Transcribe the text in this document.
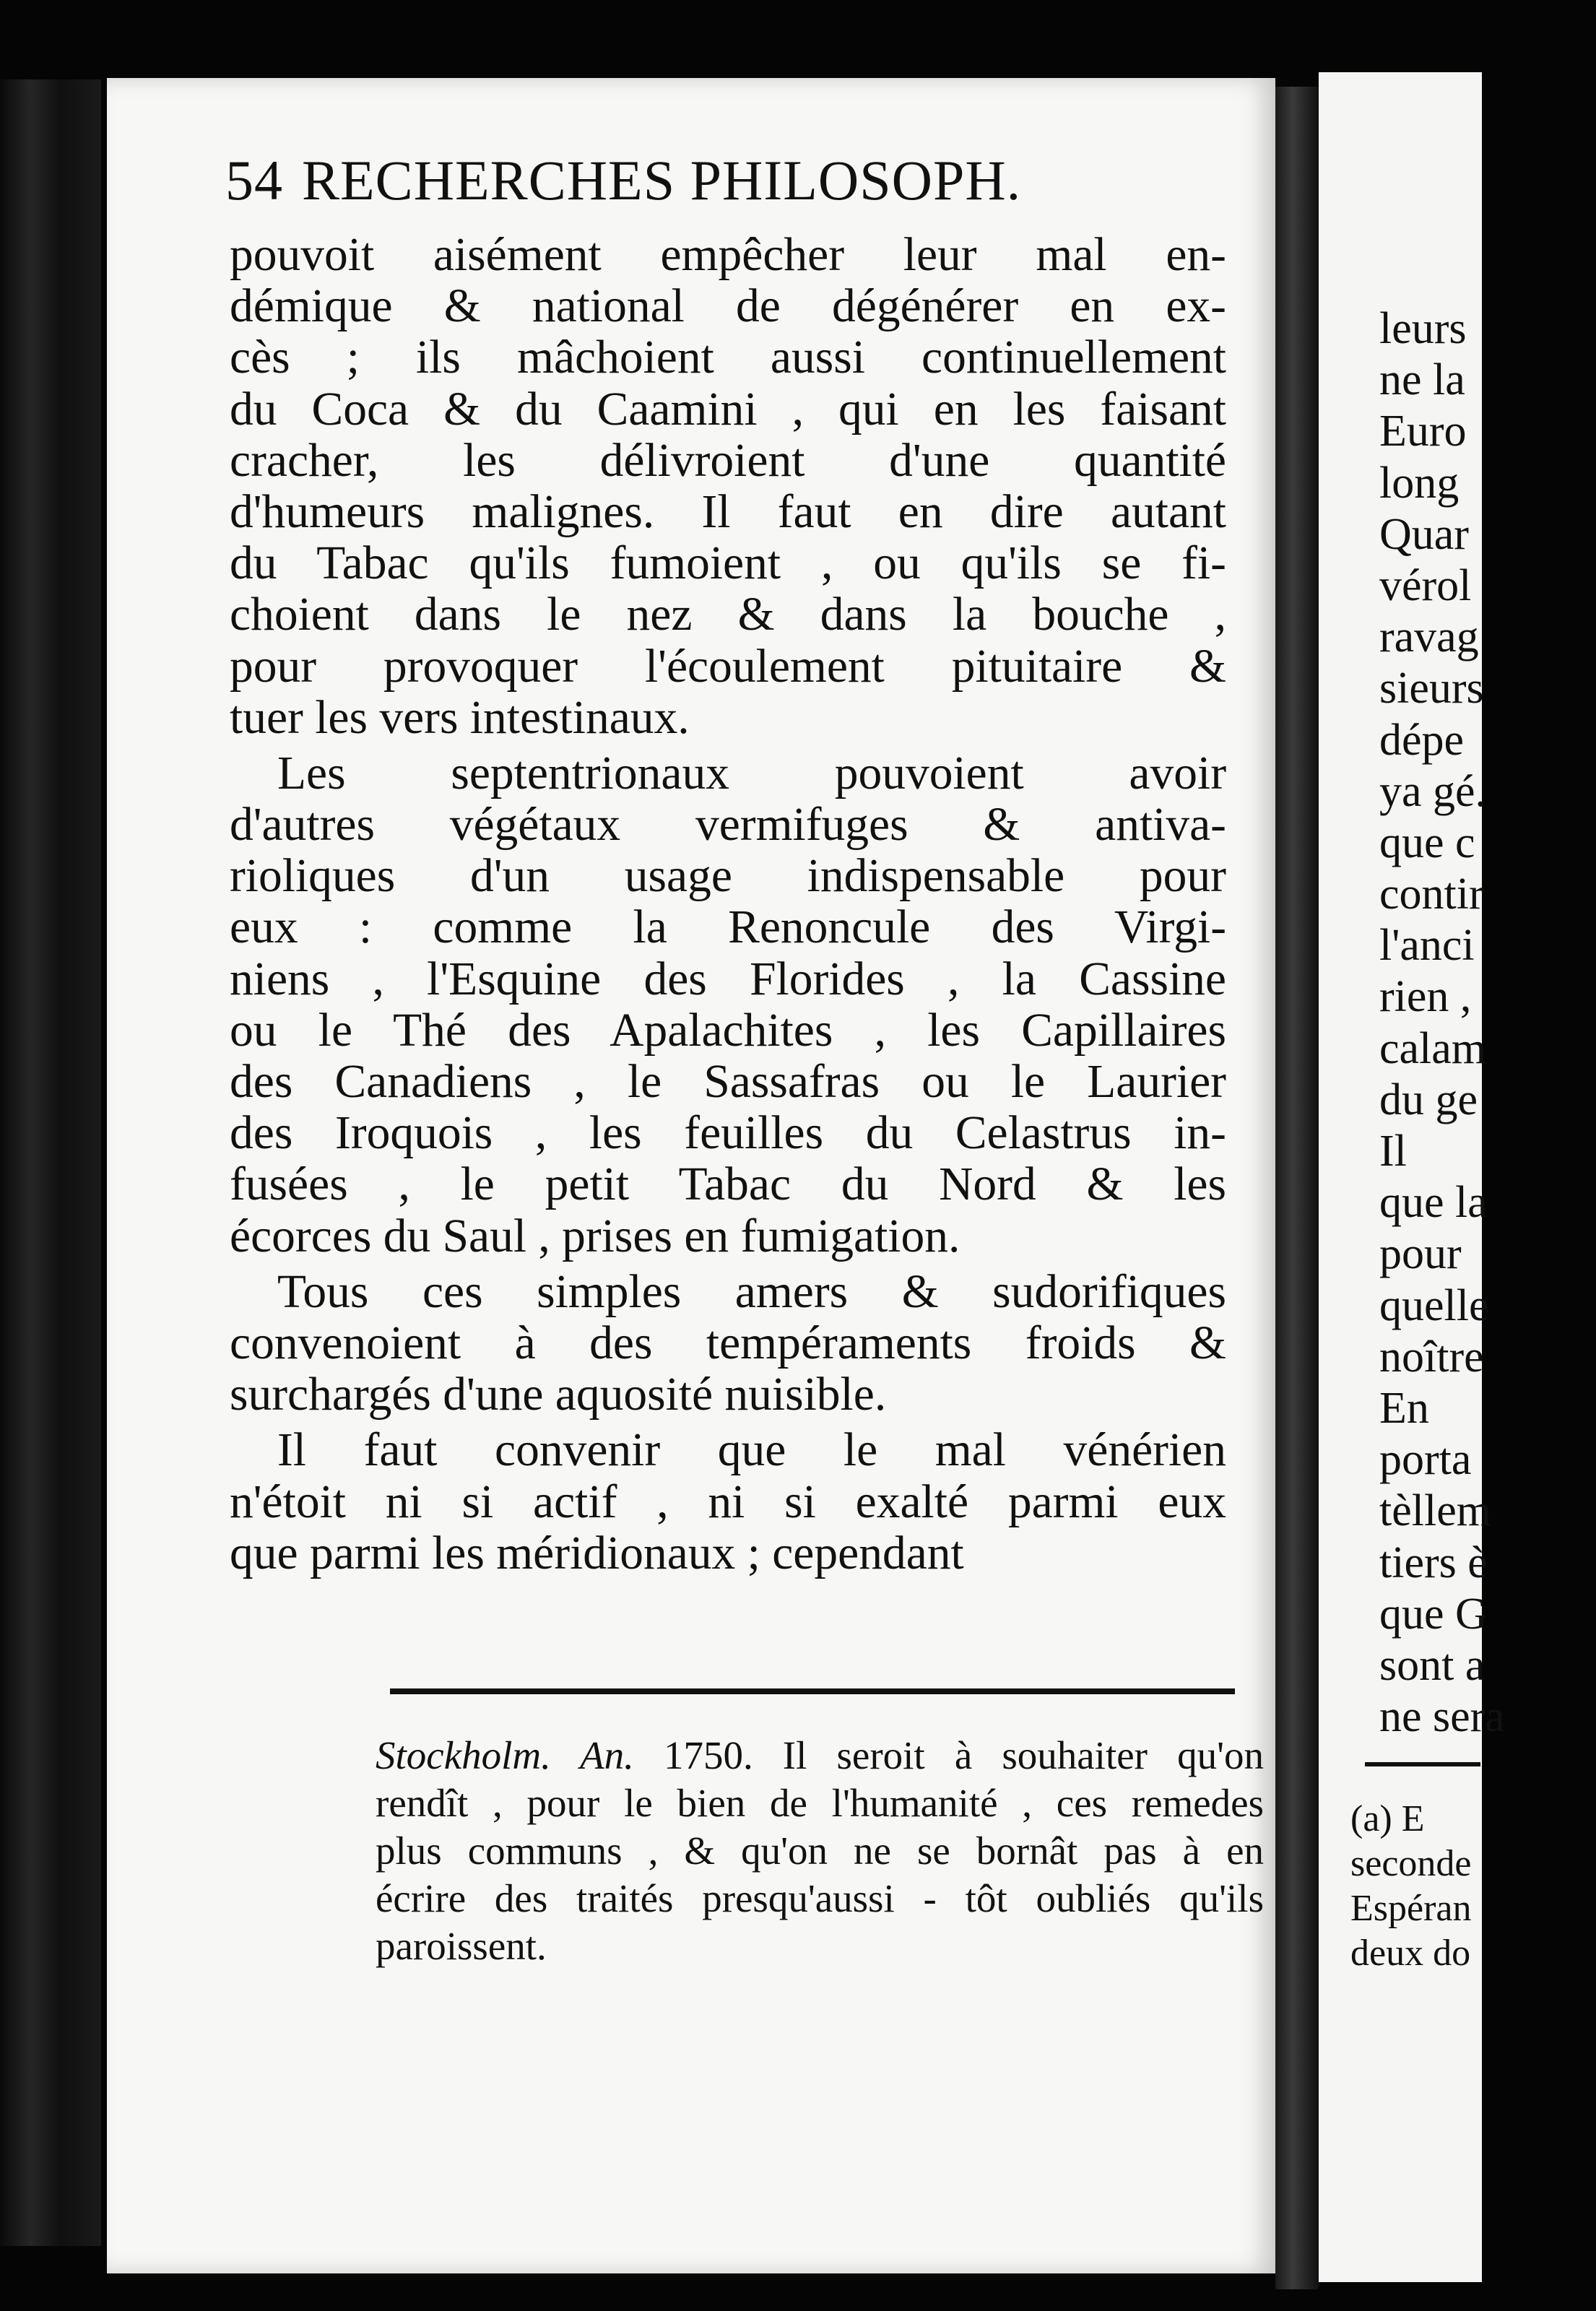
54 RECHERCHES PHILOSOPH.
pouvoit aisément empêcher leur mal en-
démique & national de dégénérer en ex-
cès ; ils mâchoient aussi continuellement
du Coca & du Caamini , qui en les faisant
cracher, les délivroient d'une quantité
d'humeurs malignes. Il faut en dire autant
du Tabac qu'ils fumoient , ou qu'ils se fi-
choient dans le nez & dans la bouche ,
pour provoquer l'écoulement pituitaire &
tuer les vers intestinaux.
Les septentrionaux pouvoient avoir
d'autres végétaux vermifuges & antiva-
rioliques d'un usage indispensable pour
eux : comme la Renoncule des Virgi-
niens , l'Esquine des Florides , la Cassine
ou le Thé des Apalachites , les Capillaires
des Canadiens , le Sassafras ou le Laurier
des Iroquois , les feuilles du Celastrus in-
fusées , le petit Tabac du Nord & les
écorces du Saul , prises en fumigation.
Tous ces simples amers & sudorifiques
convenoient à des tempéraments froids &
surchargés d'une aquosité nuisible.
Il faut convenir que le mal vénérien
n'étoit ni si actif , ni si exalté parmi eux
que parmi les méridionaux ; cependant
Stockholm. An. 1750. Il seroit à souhaiter qu'on
rendît , pour le bien de l'humanité , ces remedes
plus communs , & qu'on ne se bornât pas à en
écrire des traités presqu'aussi - tôt oubliés qu'ils
paroissent.
leurs
ne la
Euro
long
Quar
vérol
ravag
sieurs
dépe
ya gé.
que c
contir
l'anci
rien ,
calam
du ge
Il
que la
pour
quelle
noître
En
porta
tèllem
tiers è
que G
sont a
ne sera
(a) E
seconde
Espéran
deux do
